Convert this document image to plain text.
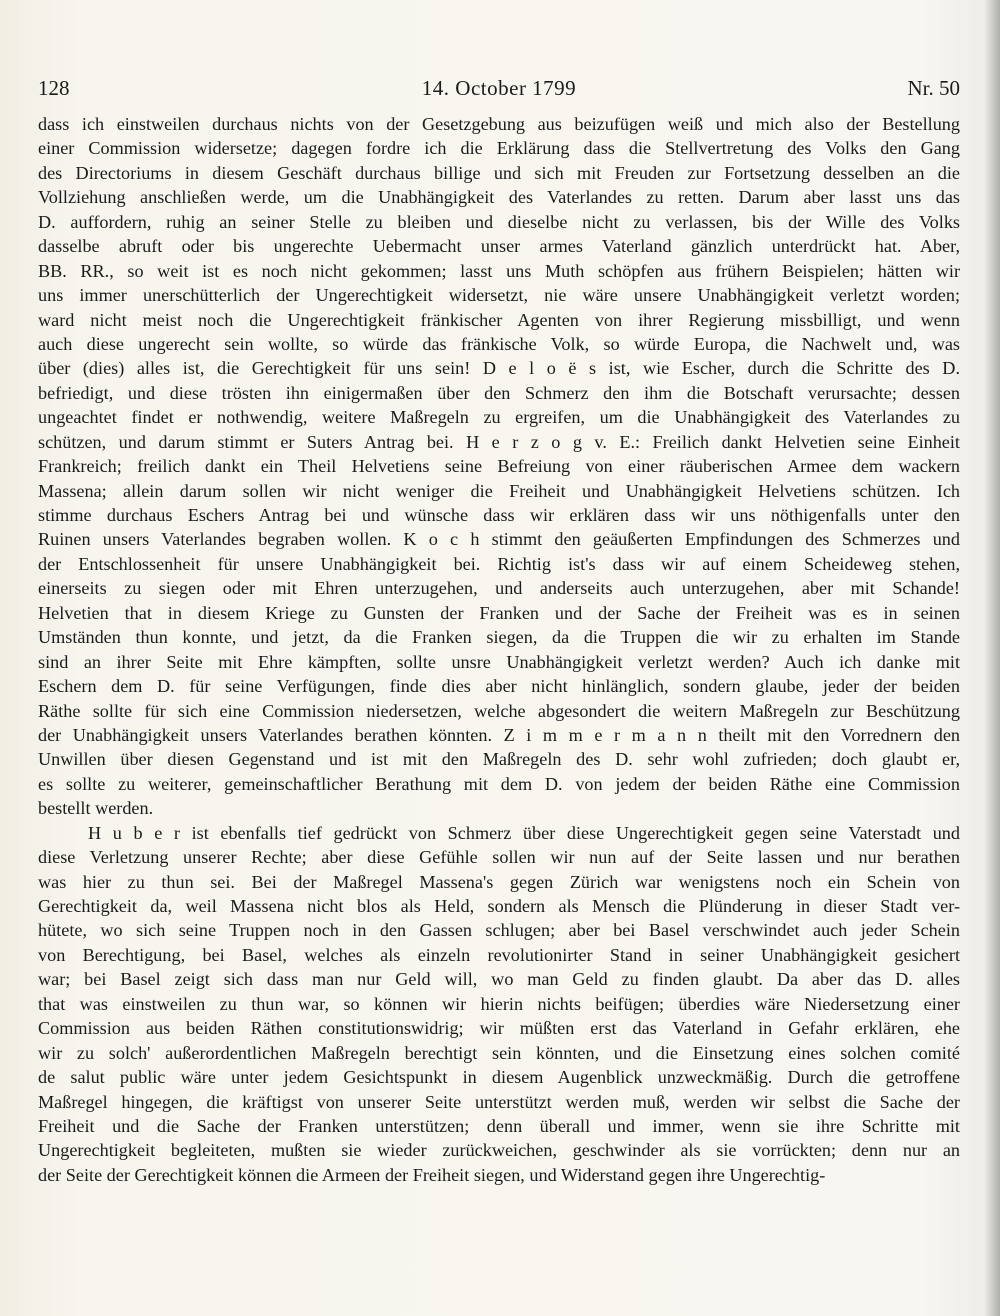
128	14. October 1799	Nr. 50
dass ich einstweilen durchaus nichts von der Gesetzgebung aus beizufügen weiß und mich also der Bestellung
einer Commission widersetze; dagegen fordre ich die Erklärung dass die Stellvertretung des Volks den Gang
des Directoriums in diesem Geschäft durchaus billige und sich mit Freuden zur Fortsetzung desselben an die
Vollziehung anschließen werde, um die Unabhängigkeit des Vaterlandes zu retten. Darum aber lasst uns das
D. auffordern, ruhig an seiner Stelle zu bleiben und dieselbe nicht zu verlassen, bis der Wille des Volks
dasselbe abruft oder bis ungerechte Uebermacht unser armes Vaterland gänzlich unterdrückt hat. Aber,
BB. RR., so weit ist es noch nicht gekommen; lasst uns Muth schöpfen aus frühern Beispielen; hätten wir
uns immer unerschütterlich der Ungerechtigkeit widersetzt, nie wäre unsere Unabhängigkeit verletzt worden;
ward nicht meist noch die Ungerechtigkeit fränkischer Agenten von ihrer Regierung missbilligt, und wenn
auch diese ungerecht sein wollte, so würde das fränkische Volk, so würde Europa, die Nachwelt und, was
über (dies) alles ist, die Gerechtigkeit für uns sein! D e l o ë s ist, wie Escher, durch die Schritte des D.
befriedigt, und diese trösten ihn einigermaßen über den Schmerz den ihm die Botschaft verursachte; dessen
ungeachtet findet er nothwendig, weitere Maßregeln zu ergreifen, um die Unabhängigkeit des Vaterlandes zu
schützen, und darum stimmt er Suters Antrag bei. H e r z o g v. E.: Freilich dankt Helvetien seine Einheit
Frankreich; freilich dankt ein Theil Helvetiens seine Befreiung von einer räuberischen Armee dem wackern
Massena; allein darum sollen wir nicht weniger die Freiheit und Unabhängigkeit Helvetiens schützen. Ich
stimme durchaus Eschers Antrag bei und wünsche dass wir erklären dass wir uns nöthigenfalls unter den
Ruinen unsers Vaterlandes begraben wollen. K o c h stimmt den geäußerten Empfindungen des Schmerzes und
der Entschlossenheit für unsere Unabhängigkeit bei. Richtig ist's dass wir auf einem Scheideweg stehen,
einerseits zu siegen oder mit Ehren unterzugehen, und anderseits auch unterzugehen, aber mit Schande!
Helvetien that in diesem Kriege zu Gunsten der Franken und der Sache der Freiheit was es in seinen
Umständen thun konnte, und jetzt, da die Franken siegen, da die Truppen die wir zu erhalten im Stande
sind an ihrer Seite mit Ehre kämpften, sollte unsre Unabhängigkeit verletzt werden? Auch ich danke mit
Eschern dem D. für seine Verfügungen, finde dies aber nicht hinlänglich, sondern glaube, jeder der beiden
Räthe sollte für sich eine Commission niedersetzen, welche abgesondert die weitern Maßregeln zur Beschützung
der Unabhängigkeit unsers Vaterlandes berathen könnten. Z i m m e r m a n n theilt mit den Vorrednern den
Unwillen über diesen Gegenstand und ist mit den Maßregeln des D. sehr wohl zufrieden; doch glaubt er,
es sollte zu weiterer, gemeinschaftlicher Berathung mit dem D. von jedem der beiden Räthe eine Commission
bestellt werden.
H u b e r ist ebenfalls tief gedrückt von Schmerz über diese Ungerechtigkeit gegen seine Vaterstadt und
diese Verletzung unserer Rechte; aber diese Gefühle sollen wir nun auf der Seite lassen und nur berathen
was hier zu thun sei. Bei der Maßregel Massena's gegen Zürich war wenigstens noch ein Schein von
Gerechtigkeit da, weil Massena nicht blos als Held, sondern als Mensch die Plünderung in dieser Stadt ver-
hütete, wo sich seine Truppen noch in den Gassen schlugen; aber bei Basel verschwindet auch jeder Schein
von Berechtigung, bei Basel, welches als einzeln revolutionirter Stand in seiner Unabhängigkeit gesichert
war; bei Basel zeigt sich dass man nur Geld will, wo man Geld zu finden glaubt. Da aber das D. alles
that was einstweilen zu thun war, so können wir hierin nichts beifügen; überdies wäre Niedersetzung einer
Commission aus beiden Räthen constitutionswidrig; wir müßten erst das Vaterland in Gefahr erklären, ehe
wir zu solch' außerordentlichen Maßregeln berechtigt sein könnten, und die Einsetzung eines solchen comité
de salut public wäre unter jedem Gesichtspunkt in diesem Augenblick unzweckmäßig. Durch die getroffene
Maßregel hingegen, die kräftigst von unserer Seite unterstützt werden muß, werden wir selbst die Sache der
Freiheit und die Sache der Franken unterstützen; denn überall und immer, wenn sie ihre Schritte mit
Ungerechtigkeit begleiteten, mußten sie wieder zurückweichen, geschwinder als sie vorrückten; denn nur an
der Seite der Gerechtigkeit können die Armeen der Freiheit siegen, und Widerstand gegen ihre Ungerechtig-
